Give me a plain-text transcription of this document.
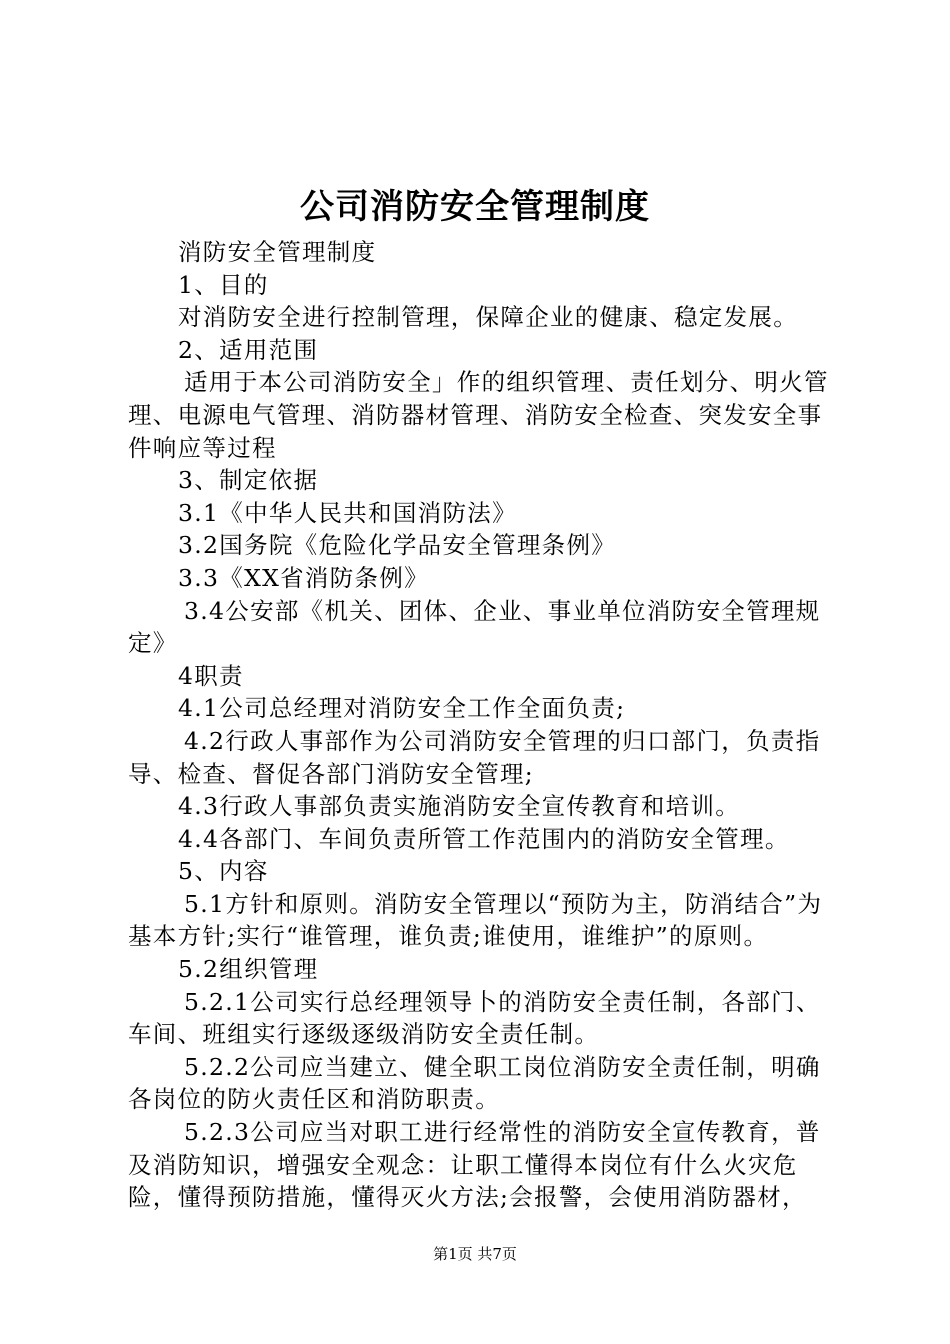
公司消防安全管理制度

消防安全管理制度

1、目的

对消防安全进行控制管理，保障企业的健康、稳定发展。

2、适用范围

适用于本公司消防安全」作的组织管理、责任划分、明火管理、电源电气管理、消防器材管理、消防安全检查、突发安全事件响应等过程

3、制定依据

3.1《中华人民共和国消防法》

3.2国务院《危险化学品安全管理条例》

3.3《XX省消防条例》

3.4公安部《机关、团体、企业、事业单位消防安全管理规定》

4职责

4.1公司总经理对消防安全工作全面负责;

4.2行政人事部作为公司消防安全管理的归口部门，负责指导、检查、督促各部门消防安全管理;

4.3行政人事部负责实施消防安全宣传教育和培训。

4.4各部门、车间负责所管工作范围内的消防安全管理。

5、内容

5.1方针和原则。消防安全管理以“预防为主，防消结合”为基本方针;实行“谁管理，谁负责;谁使用，谁维护”的原则。

5.2组织管理

5.2.1公司实行总经理领导卜的消防安全责任制，各部门、车间、班组实行逐级逐级消防安全责任制。

5.2.2公司应当建立、健全职工岗位消防安全责任制，明确各岗位的防火责任区和消防职责。

5.2.3公司应当对职工进行经常性的消防安全宣传教育，普及消防知识，增强安全观念：让职工懂得本岗位有什么火灾危险，懂得预防措施，懂得灭火方法;会报警，会使用消防器材，

第1页 共7页
